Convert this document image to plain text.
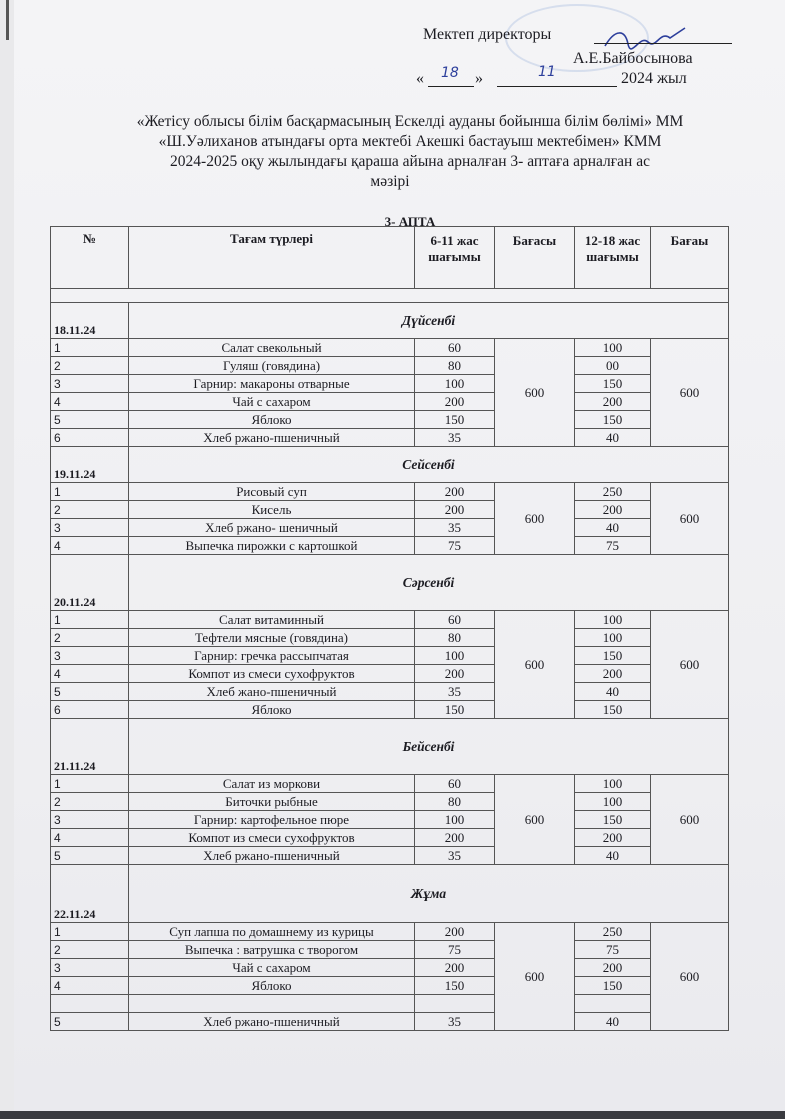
Мектеп директоры
А.Е.Байбосынова
« 18 »	11	2024 жыл
«Жетісу облысы білім басқармасының Ескелді ауданы бойынша білім бөлімі» ММ
«Ш.Уәлиханов атындағы орта мектебі Акешкі бастауыш мектебімен» КММ
2024-2025 оқу жылындағы қараша айына арналған 3- аптаға арналған ас
мәзірі
3- АПТА
№	Тағам түрлері	6-11 жас шағымы	Бағасы	12-18 жас шағымы	Бағаы

18.11.24	Дүйсенбі				
1	Салат свекольный	60	600	100	600
2	Гуляш (говядина)	80		00	
3	Гарнир: макароны отварные	100		150	
4	Чай с сахаром	200		200	
5	Яблоко	150		150	
6	Хлеб ржано-пшеничный	35		40	
19.11.24	Сейсенбі				
1	Рисовый суп	200	600	250	600
2	Кисель	200		200	
3	Хлеб ржано- шеничный	35		40	
4	Выпечка пирожки с картошкой	75		75	
20.11.24	Сәрсенбі				
1	Салат витаминный	60	600	100	600
2	Тефтели мясные (говядина)	80		100	
3	Гарнир: гречка рассыпчатая	100		150	
4	Компот из смеси сухофруктов	200		200	
5	Хлеб жано-пшеничный	35		40	
6	Яблоко	150		150	
21.11.24	Бейсенбі				
1	Салат из моркови	60	600	100	600
2	Биточки рыбные	80		100	
3	Гарнир: картофельное пюре	100		150	
4	Компот из смеси сухофруктов	200		200	
5	Хлеб ржано-пшеничный	35		40	
22.11.24	Жұма				
1	Суп лапша по домашнему из курицы	200	600	250	600
2	Выпечка : ватрушка с творогом	75		75	
3	Чай с сахаром	200		200	
4	Яблоко	150		150	

5	Хлеб ржано-пшеничный	35		40	
